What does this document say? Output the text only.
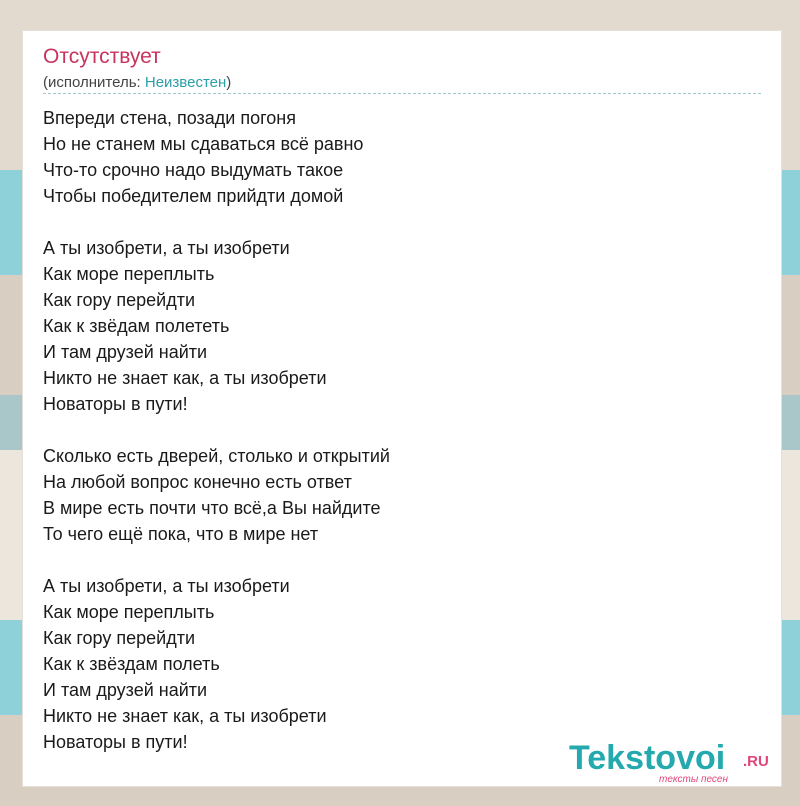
Отсутствует
(исполнитель: Неизвестен)
Впереди стена, позади погоня
Но не станем мы сдаваться всё равно
Что-то срочно надо выдумать такое
Чтобы победителем прийдти домой
А ты изобрети, а ты изобрети
Как море переплыть
Как гору перейдти
Как к звёдам полететь
И там друзей найти
Никто не знает как, а ты изобрети
Новаторы в пути!
Сколько есть дверей, столько и открытий
На любой вопрос конечно есть ответ
В мире есть почти что всё,а Вы найдите
То чего ещё пока, что в мире нет
А ты изобрети, а ты изобрети
Как море переплыть
Как гору перейдти
Как к звёздам полеть
И там друзей найти
Никто не знает как, а ты изобрети
Новаторы в пути!	Tekstovoi .RU
тексты песен
